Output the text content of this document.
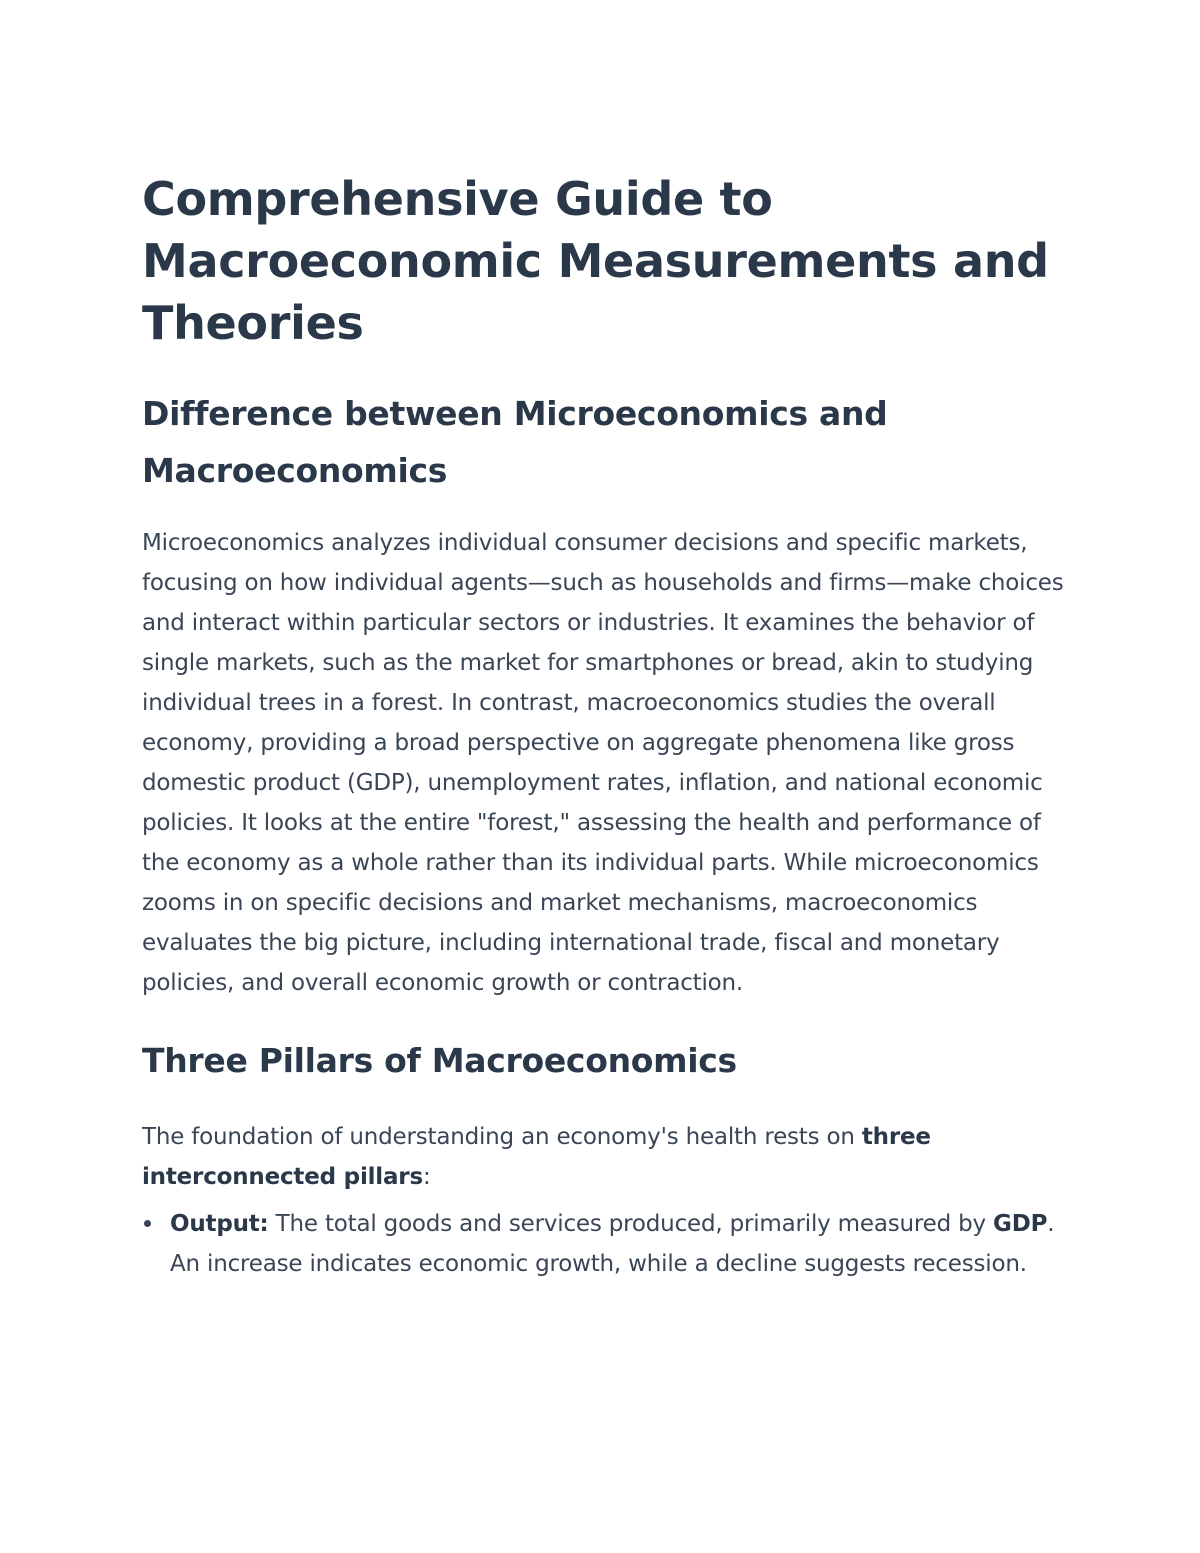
Comprehensive Guide to Macroeconomic Measurements and Theories
Difference between Microeconomics and Macroeconomics

Microeconomics analyzes individual consumer decisions and specific markets, focusing on how individual agents—such as households and firms—make choices and interact within particular sectors or industries. It examines the behavior of single markets, such as the market for smartphones or bread, akin to studying individual trees in a forest. In contrast, macroeconomics studies the overall economy, providing a broad perspective on aggregate phenomena like gross domestic product (GDP), unemployment rates, inflation, and national economic policies. It looks at the entire "forest," assessing the health and performance of the economy as a whole rather than its individual parts. While microeconomics zooms in on specific decisions and market mechanisms, macroeconomics evaluates the big picture, including international trade, fiscal and monetary policies, and overall economic growth or contraction.

Three Pillars of Macroeconomics

The foundation of understanding an economy's health rests on three interconnected pillars:

Output: The total goods and services produced, primarily measured by GDP. An increase indicates economic growth, while a decline suggests recession.
